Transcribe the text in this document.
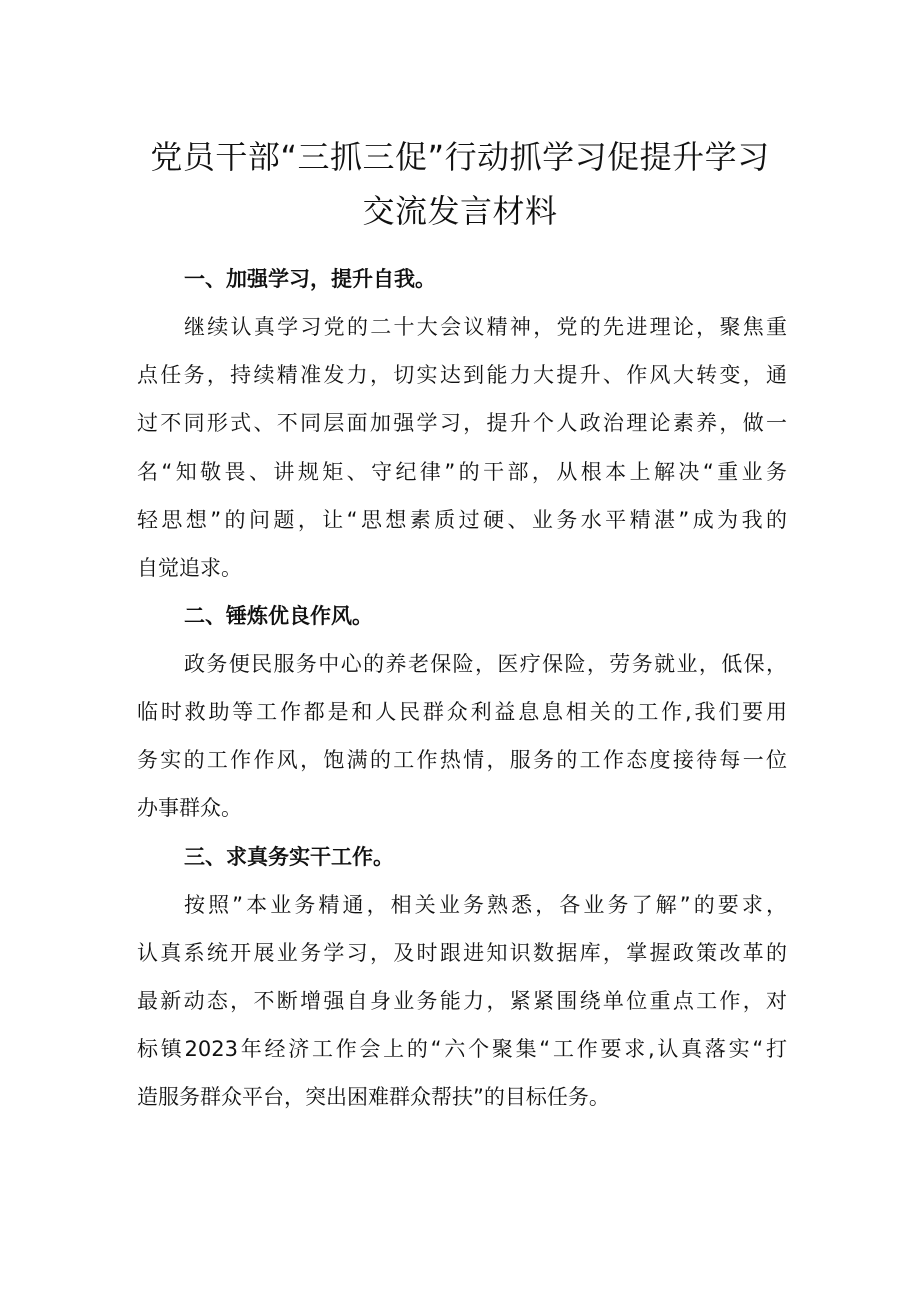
党员干部“三抓三促”行动抓学习促提升学习
交流发言材料
一、加强学习，提升自我。
继续认真学习党的二十大会议精神，党的先进理论，聚焦重
点任务，持续精准发力，切实达到能力大提升、作风大转变，通
过不同形式、不同层面加强学习，提升个人政治理论素养，做一
名“知敬畏、讲规矩、守纪律”的干部，从根本上解决“重业务
轻思想”的问题，让“思想素质过硬、业务水平精湛”成为我的
自觉追求。
二、锤炼优良作风。
政务便民服务中心的养老保险，医疗保险，劳务就业，低保，
临时救助等工作都是和人民群众利益息息相关的工作,我们要用
务实的工作作风，饱满的工作热情，服务的工作态度接待每一位
办事群众。
三、求真务实干工作。
按照”本业务精通，相关业务熟悉，各业务了解”的要求，
认真系统开展业务学习，及时跟进知识数据库，掌握政策改革的
最新动态，不断增强自身业务能力，紧紧围绕单位重点工作，对
标镇2023年经济工作会上的“六个聚集“工作要求,认真落实“打
造服务群众平台，突出困难群众帮扶”的目标任务。
